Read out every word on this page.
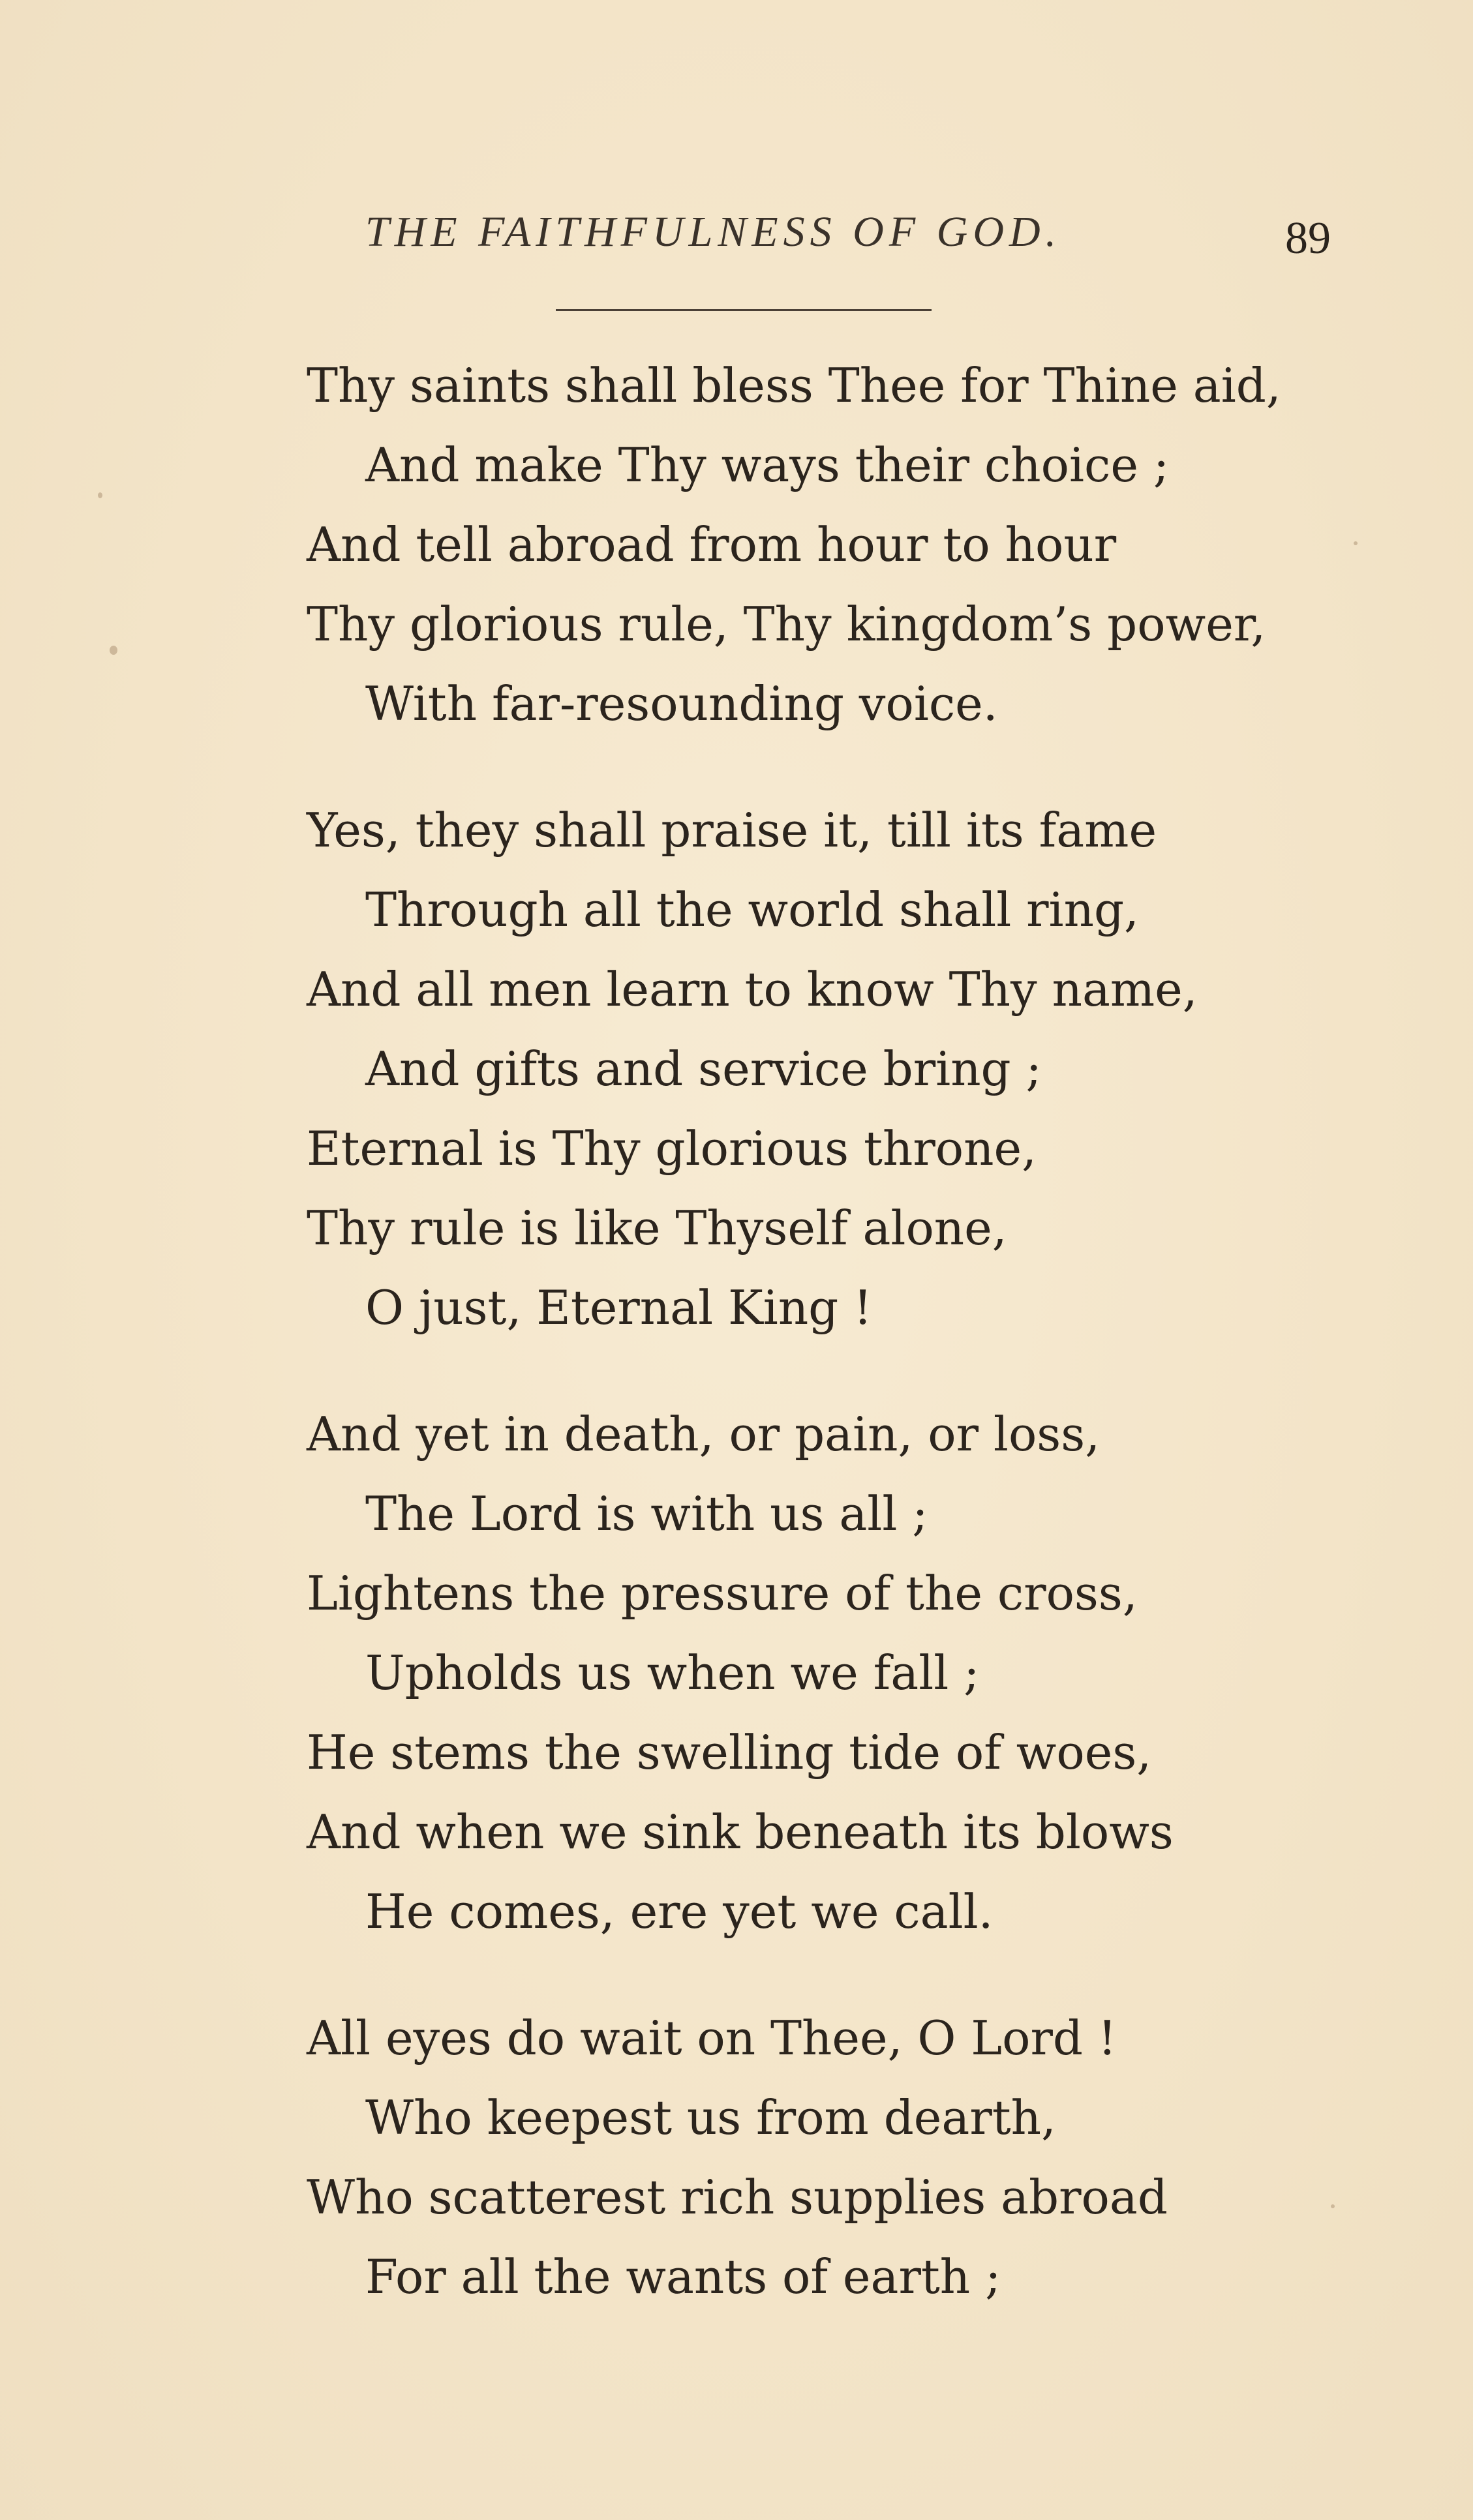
THE FAITHFULNESS OF GOD.	89
Thy saints shall bless Thee for Thine aid,
And make Thy ways their choice ;
And tell abroad from hour to hour
Thy glorious rule, Thy kingdom’s power,
With far-resounding voice.
Yes, they shall praise it, till its fame
Through all the world shall ring,
And all men learn to know Thy name,
And gifts and service bring ;
Eternal is Thy glorious throne,
Thy rule is like Thyself alone,
O just, Eternal King !
And yet in death, or pain, or loss,
The Lord is with us all ;
Lightens the pressure of the cross,
Upholds us when we fall ;
He stems the swelling tide of woes,
And when we sink beneath its blows
He comes, ere yet we call.
All eyes do wait on Thee, O Lord !
Who keepest us from dearth,
Who scatterest rich supplies abroad
For all the wants of earth ;
